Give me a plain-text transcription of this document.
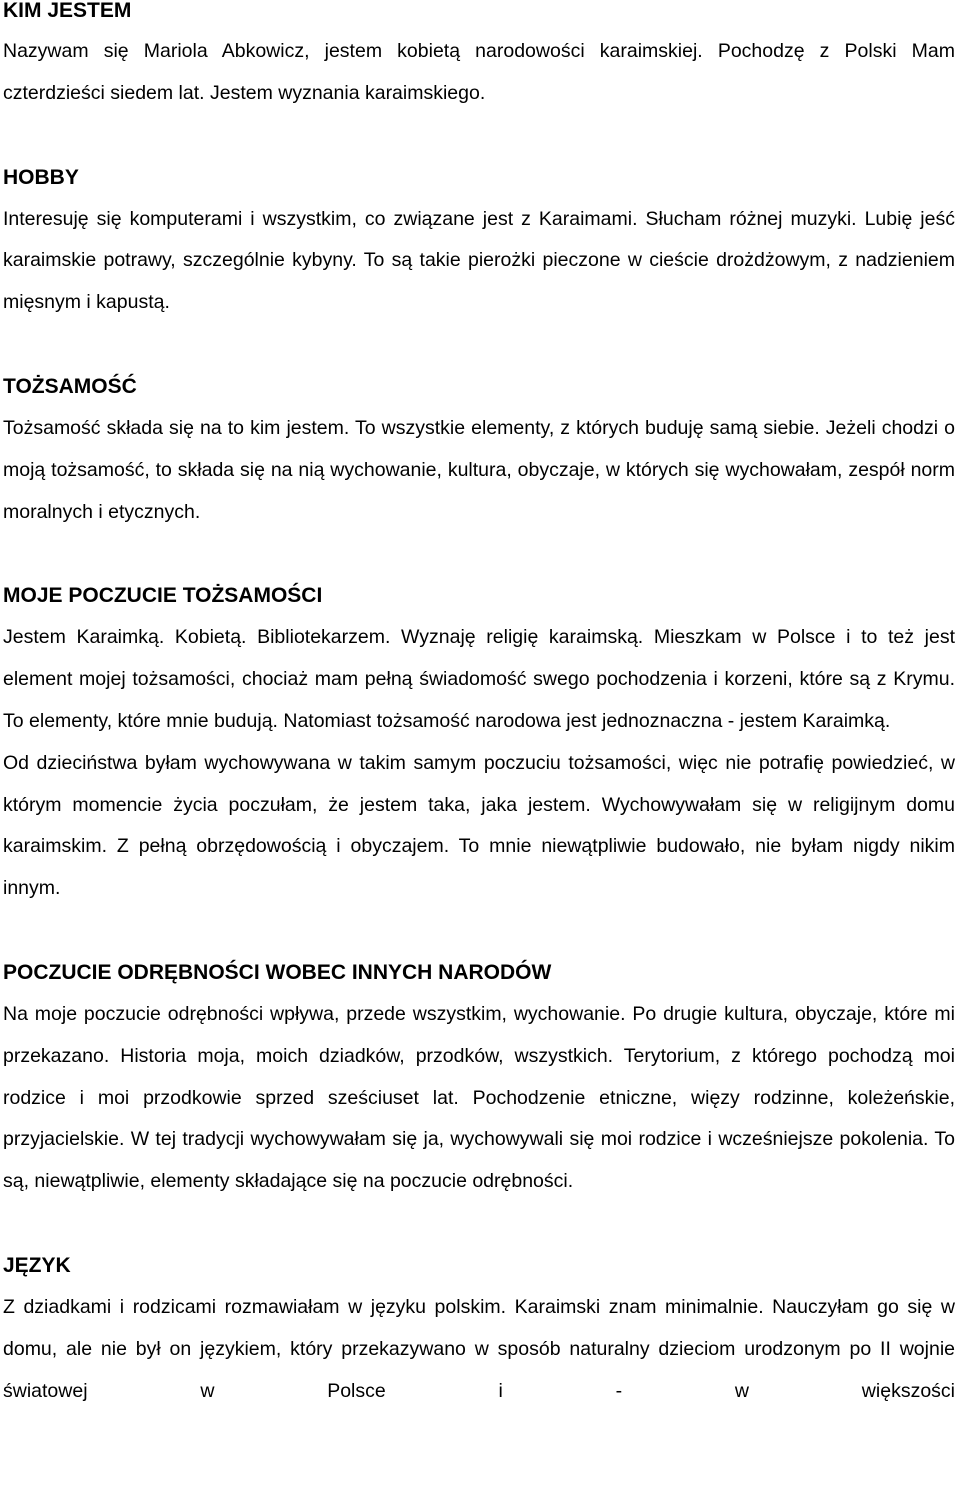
KIM JESTEM

Nazywam się Mariola Abkowicz, jestem kobietą narodowości karaimskiej. Pochodzę z Polski Mam czterdzieści siedem lat. Jestem wyznania karaimskiego.

HOBBY

Interesuję się komputerami i wszystkim, co związane jest z Karaimami. Słucham różnej muzyki. Lubię jeść karaimskie potrawy, szczególnie kybyny. To są takie pierożki pieczone w cieście drożdżowym, z nadzieniem mięsnym i kapustą.

TOŻSAMOŚĆ

Tożsamość składa się na to kim jestem. To wszystkie elementy, z których buduję samą siebie. Jeżeli chodzi o moją tożsamość, to składa się na nią wychowanie, kultura, obyczaje, w których się wychowałam, zespół norm moralnych i etycznych.

MOJE POCZUCIE TOŻSAMOŚCI

Jestem Karaimką. Kobietą. Bibliotekarzem. Wyznaję religię karaimską. Mieszkam w Polsce i to też jest element mojej tożsamości, chociaż mam pełną świadomość swego pochodzenia i korzeni, które są z Krymu. To elementy, które mnie budują. Natomiast tożsamość narodowa jest jednoznaczna - jestem Karaimką.

Od dzieciństwa byłam wychowywana w takim samym poczuciu tożsamości, więc nie potrafię powiedzieć, w którym momencie życia poczułam, że jestem taka, jaka jestem. Wychowywałam się w religijnym domu karaimskim. Z pełną obrzędowością i obyczajem. To mnie niewątpliwie budowało, nie byłam nigdy nikim innym.

POCZUCIE ODRĘBNOŚCI WOBEC INNYCH NARODÓW

Na moje poczucie odrębności wpływa, przede wszystkim, wychowanie. Po drugie kultura, obyczaje, które mi przekazano. Historia moja, moich dziadków, przodków, wszystkich. Terytorium, z którego pochodzą moi rodzice i moi przodkowie sprzed sześciuset lat. Pochodzenie etniczne, więzy rodzinne, koleżeńskie, przyjacielskie. W tej tradycji wychowywałam się ja, wychowywali się moi rodzice i wcześniejsze pokolenia. To są, niewątpliwie, elementy składające się na poczucie odrębności.

JĘZYK

Z dziadkami i rodzicami rozmawiałam w języku polskim. Karaimski znam minimalnie. Nauczyłam go się w domu, ale nie był on językiem, który przekazywano w sposób naturalny dzieciom urodzonym po II wojnie światowej w Polsce i - w większości
